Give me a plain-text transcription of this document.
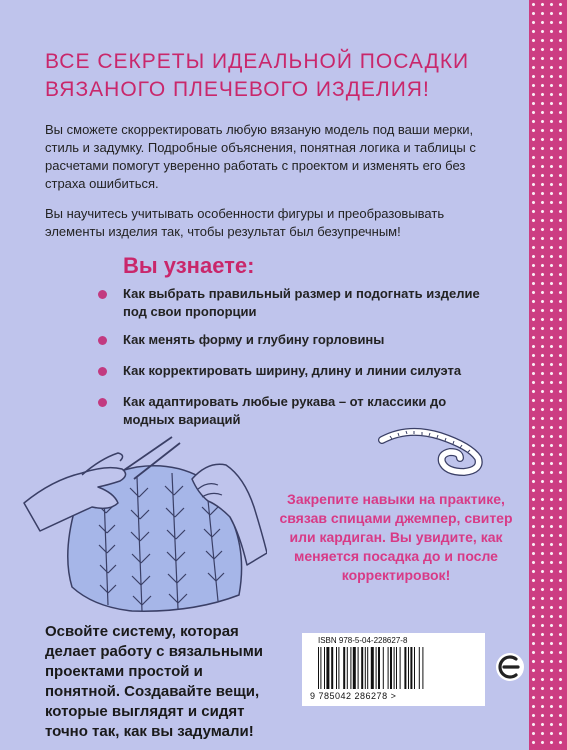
ВСЕ СЕКРЕТЫ ИДЕАЛЬНОЙ ПОСАДКИ ВЯЗАНОГО ПЛЕЧЕВОГО ИЗДЕЛИЯ!

Вы сможете скорректировать любую вязаную модель под ваши мерки, стиль и задумку. Подробные объяснения, понятная логика и таблицы с расчетами помогут уверенно работать с проектом и изменять его без страха ошибиться.

Вы научитесь учитывать особенности фигуры и преобразовывать элементы изделия так, чтобы результат был безупречным!

Вы узнаете:
Как выбрать правильный размер и подогнать изделие под свои пропорции
Как менять форму и глубину горловины
Как корректировать ширину, длину и линии силуэта
Как адаптировать любые рукава – от классики до модных вариаций

Закрепите навыки на практике, связав спицами джемпер, свитер или кардиган. Вы увидите, как меняется посадка до и после корректировок!

Освойте систему, которая делает работу с вязальными проектами простой и понятной. Создавайте вещи, которые выглядят и сидят точно так, как вы задумали!

ISBN 978-5-04-228627-8
9 785042 286278 >
